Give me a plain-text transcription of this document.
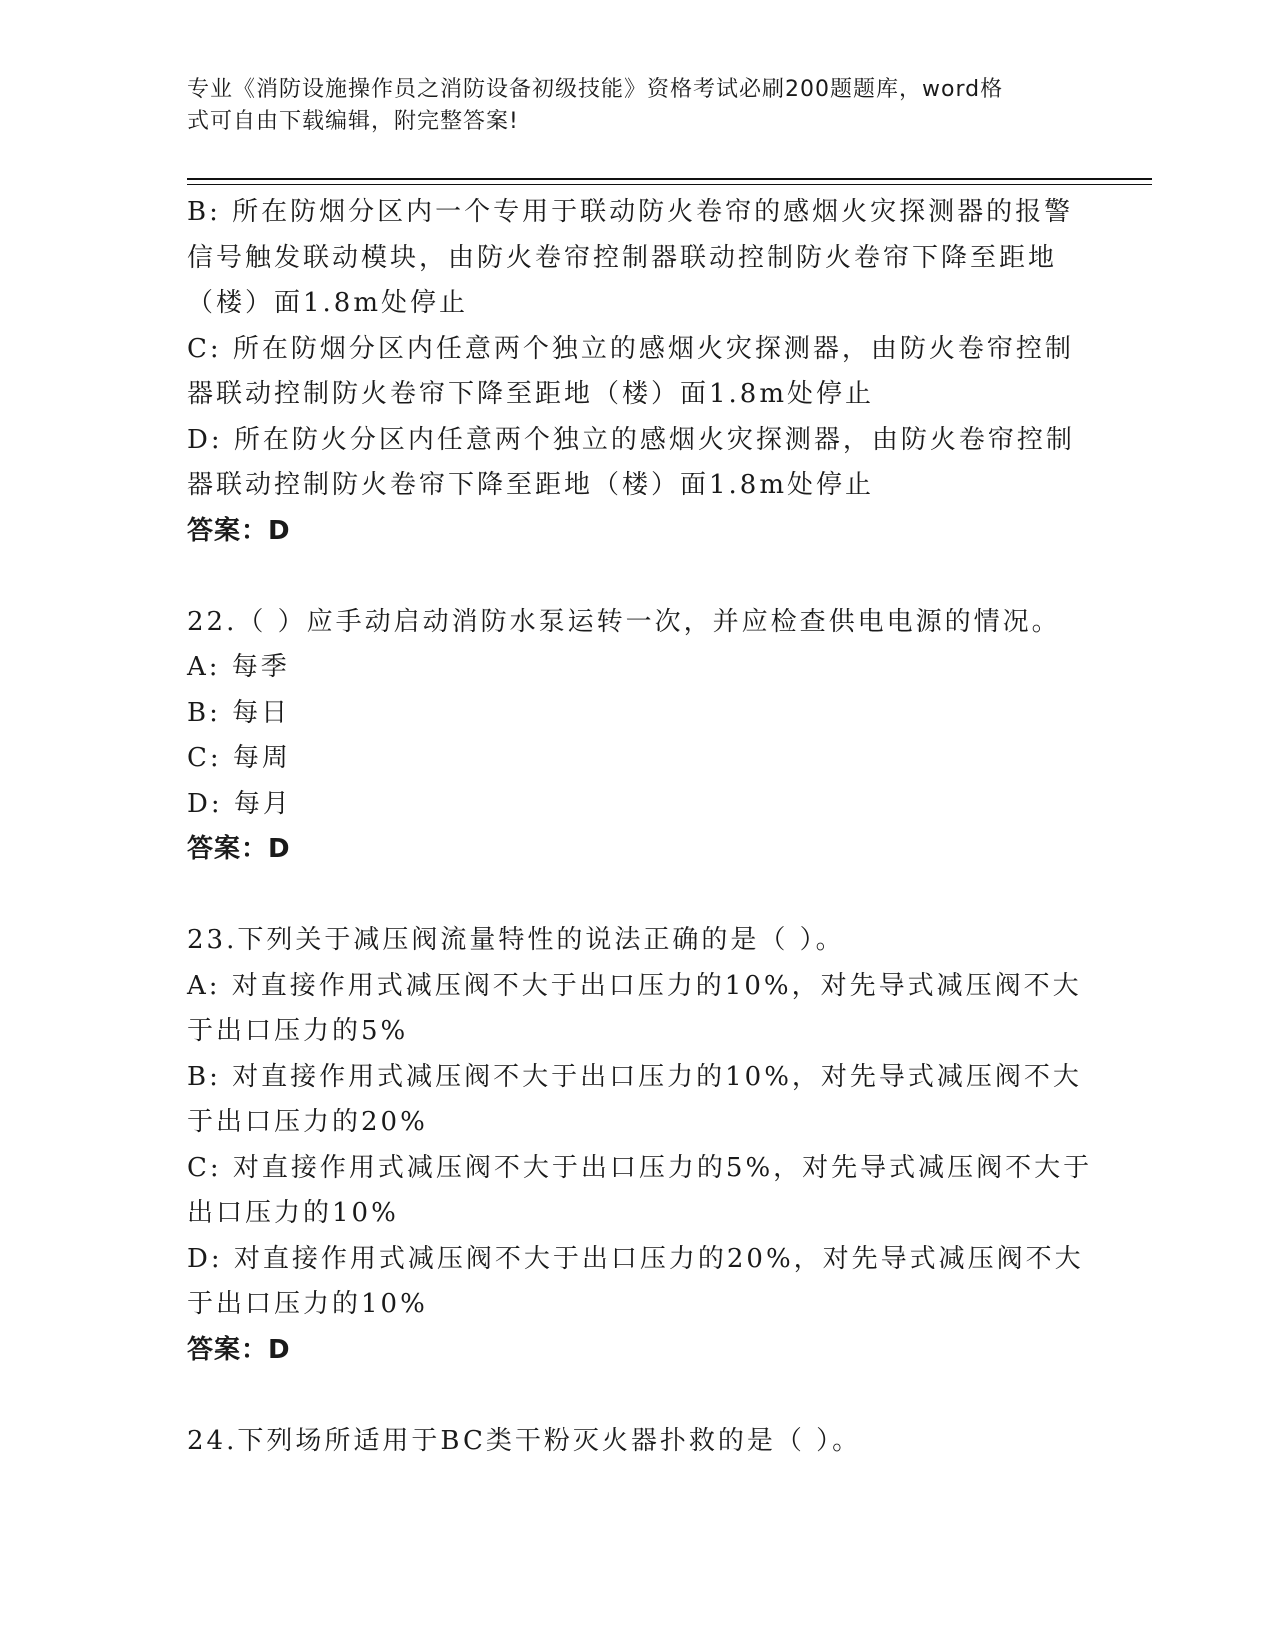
专业《消防设施操作员之消防设备初级技能》资格考试必刷200题题库，word格
式可自由下载编辑，附完整答案!
B: 所在防烟分区内一个专用于联动防火卷帘的感烟火灾探测器的报警
信号触发联动模块，由防火卷帘控制器联动控制防火卷帘下降至距地
（楼）面1.8m处停止
C: 所在防烟分区内任意两个独立的感烟火灾探测器，由防火卷帘控制
器联动控制防火卷帘下降至距地（楼）面1.8m处停止
D: 所在防火分区内任意两个独立的感烟火灾探测器，由防火卷帘控制
器联动控制防火卷帘下降至距地（楼）面1.8m处停止
答案：D
22.（ ）应手动启动消防水泵运转一次，并应检查供电电源的情况。
A: 每季
B: 每日
C: 每周
D: 每月
答案：D
23.下列关于减压阀流量特性的说法正确的是（ ）。
A: 对直接作用式减压阀不大于出口压力的10%，对先导式减压阀不大
于出口压力的5%
B: 对直接作用式减压阀不大于出口压力的10%，对先导式减压阀不大
于出口压力的20%
C: 对直接作用式减压阀不大于出口压力的5%，对先导式减压阀不大于
出口压力的10%
D: 对直接作用式减压阀不大于出口压力的20%，对先导式减压阀不大
于出口压力的10%
答案：D
24.下列场所适用于BC类干粉灭火器扑救的是（ ）。
